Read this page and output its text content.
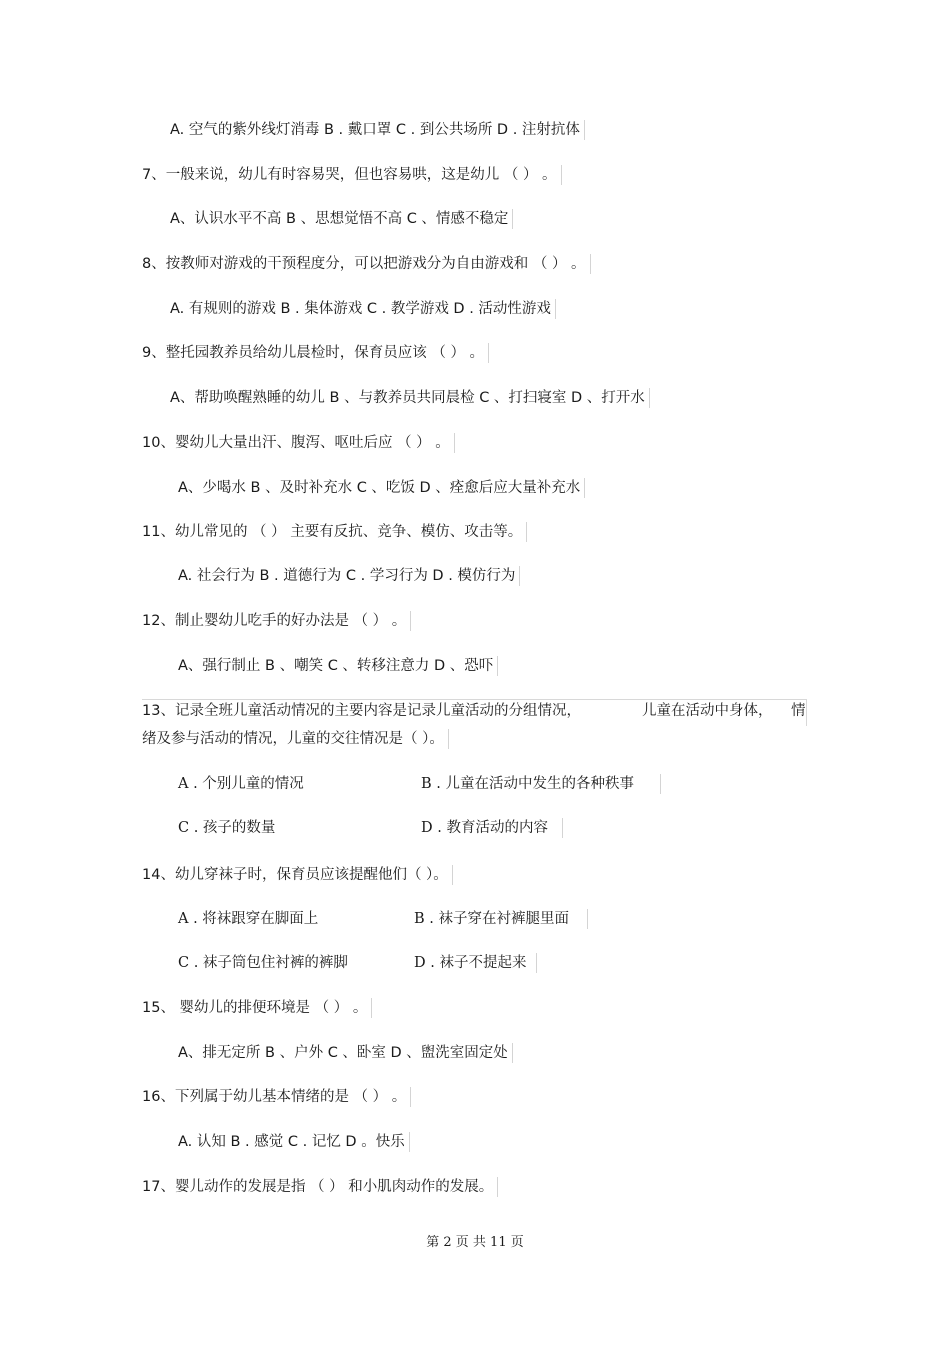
A. 空气的紫外线灯消毒 B . 戴口罩 C . 到公共场所 D . 注射抗体
7、一般来说，幼儿有时容易哭，但也容易哄，这是幼儿 （ ） 。
A、认识水平不高 B 、思想觉悟不高 C 、情感不稳定
8、按教师对游戏的干预程度分，可以把游戏分为自由游戏和 （ ） 。
A. 有规则的游戏 B . 集体游戏 C . 教学游戏 D . 活动性游戏
9、整托园教养员给幼儿晨检时，保育员应该 （ ） 。
A、帮助唤醒熟睡的幼儿 B 、与教养员共同晨检 C 、打扫寝室 D 、打开水
10、婴幼儿大量出汗、腹泻、呕吐后应 （ ） 。
A、少喝水 B 、及时补充水 C 、吃饭 D 、痊愈后应大量补充水
11、幼儿常见的 （ ） 主要有反抗、竞争、模仿、攻击等。
A. 社会行为 B . 道德行为 C . 学习行为 D . 模仿行为
12、制止婴幼儿吃手的好办法是 （ ） 。
A、强行制止 B 、嘲笑 C 、转移注意力 D 、恐吓
13、记录全班儿童活动情况的主要内容是记录儿童活动的分组情况，	儿童在活动中身体， 情
绪及参与活动的情况，儿童的交往情况是（ ）。
A . 个别儿童的情况	B . 儿童在活动中发生的各种秩事
C . 孩子的数量	D . 教育活动的内容
14、幼儿穿袜子时，保育员应该提醒他们（ ）。
A . 将袜跟穿在脚面上	B . 袜子穿在衬裤腿里面
C . 袜子筒包住衬裤的裤脚	D . 袜子不提起来
15、 婴幼儿的排便环境是 （ ） 。
A、排无定所 B 、户外 C 、卧室 D 、盥洗室固定处
16、下列属于幼儿基本情绪的是 （ ） 。
A. 认知 B . 感觉 C . 记忆 D 。快乐
17、婴儿动作的发展是指 （ ） 和小肌肉动作的发展。
第 2 页 共 11 页
